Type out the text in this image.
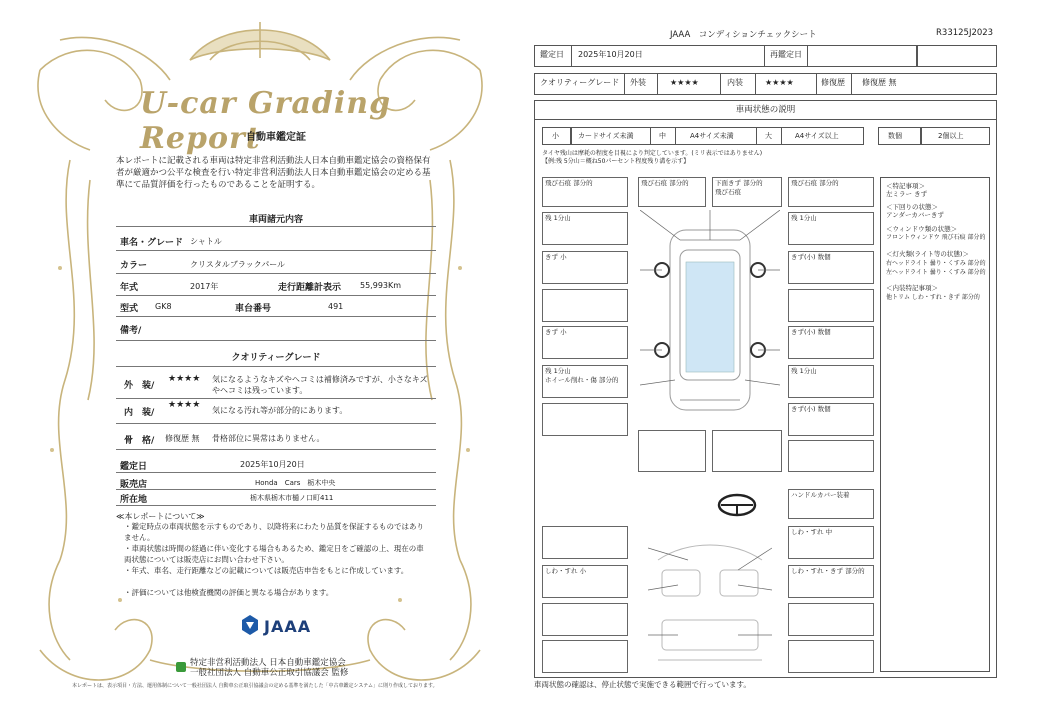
U-car Grading Report
自動車鑑定証
本レポートに記載される車両は特定非営利活動法人日本自動車鑑定協会の資格保有者が厳適かつ公平な検査を行い特定非営利活動法人日本自動車鑑定協会の定める基準にて品質評価を行ったものであることを証明する。
車両諸元内容
車名・グレード シャトル
カラー	クリスタルブラックパール
年式	2017年	走行距離計表示 55,993Km
型式 GK8	車台番号	491
備考/
クオリティーグレード
外　装/
★★★★ 気になるようなキズやヘコミは補修済みですが、小さなキズやヘコミは残っています。
内　装/
★★★★
気になる汚れ等が部分的にあります。
骨　格/ 修復歴 無 骨格部位に異常はありません。
鑑定日	2025年10月20日
販売店	Honda　Cars　栃木中央
所在地	栃木県栃木市樋ノ口町411
≪本レポートについて≫
・鑑定時点の車両状態を示すものであり、以降将来にわたり品質を保証するものではありません。
・車両状態は時間の経過に伴い変化する場合もあるため、鑑定日をご確認の上、現在の車両状態については販売店にお問い合わせ下さい。
・年式、車名、走行距離などの記載については販売店申告をもとに作成しています。
・評価については他検査機関の評価と異なる場合があります。
JAAA
特定非営利活動法人 日本自動車鑑定協会
一般社団法人 自動車公正取引協議会 監修
本レポートは、表示項目・方法、運用体制について一般社団法人 自動車公正取引協議会の定める基準を満たした「中古車鑑定システム」に則り作成しております。
JAAA　コンディションチェックシート	R33125J2023
鑑定日 2025年10月20日	再鑑定日
クオリティーグレード 外装	★★★★	内装	★★★★	修復歴 修復歴 無
車両状態の説明
小	カードサイズ未満	中	A4サイズ未満	大	A4サイズ以上	数個	2個以上
タイヤ残山は摩耗の程度を目視により判定しています。(ミリ表示ではありません)
【例:残 5分山＝概ね50パーセント程度残り溝を示す】
飛び石痕 部分的	飛び石痕 部分的	下面きず 部分的
飛び石痕
飛び石痕 部分的
残 1分山	残 1分山
きず 小	きず(小) 数個
きず 小	きず(小) 数個
残 1分山
ホイール削れ・傷 部分的
残 1分山
きず(小) 数個
ハンドルカバー装着
しわ・すれ 中
しわ・すれ 小	しわ・すれ・きず 部分的
＜特記事項＞
左ミラー きず
＜下回りの状態＞
アンダーカバーきず
＜ウィンドウ類の状態＞
フロントウィンドウ 飛び石痕 部分的
＜灯火類(ライト等の状態)＞
右ヘッドライト 曇り・くすみ 部分的
左ヘッドライト 曇り・くすみ 部分的
＜内装特記事項＞
他トリム しわ・すれ・きず 部分的
車両状態の確認は、停止状態で実施できる範囲で行っています。
